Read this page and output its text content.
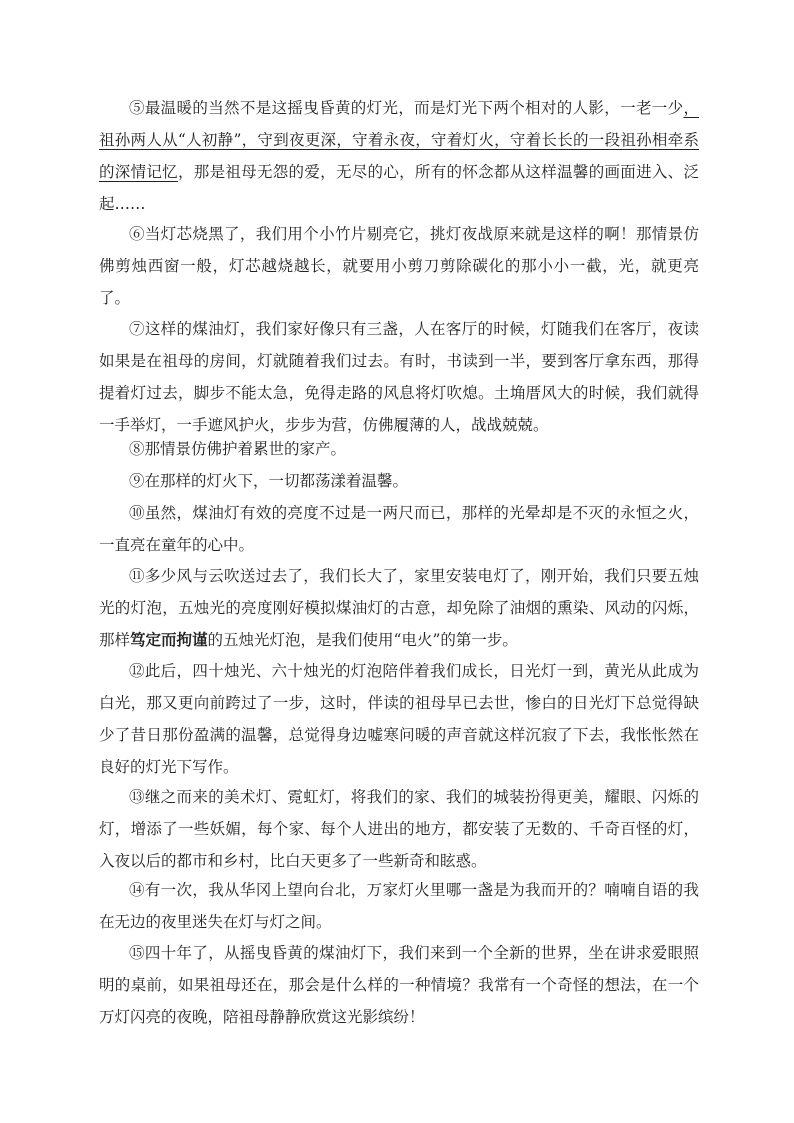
⑤最温暖的当然不是这摇曳昏黄的灯光，而是灯光下两个相对的人影，一老一少，祖孙两人从“人初静”，守到夜更深，守着永夜，守着灯火，守着长长的一段祖孙相牵系的深情记忆，那是祖母无怨的爱，无尽的心，所有的怀念都从这样温馨的画面进入、泛起……

⑥当灯芯烧黑了，我们用个小竹片剔亮它，挑灯夜战原来就是这样的啊！那情景仿佛剪烛西窗一般，灯芯越烧越长，就要用小剪刀剪除碳化的那小小一截，光，就更亮了。

⑦这样的煤油灯，我们家好像只有三盏，人在客厅的时候，灯随我们在客厅，夜读如果是在祖母的房间，灯就随着我们过去。有时，书读到一半，要到客厅拿东西，那得提着灯过去，脚步不能太急，免得走路的风息将灯吹熄。土埆厝风大的时候，我们就得一手举灯，一手遮风护火，步步为营，仿佛履薄的人，战战兢兢。

⑧那情景仿佛护着累世的家产。

⑨在那样的灯火下，一切都荡漾着温馨。

⑩虽然，煤油灯有效的亮度不过是一两尺而已，那样的光晕却是不灭的永恒之火，一直亮在童年的心中。

⑪多少风与云吹送过去了，我们长大了，家里安装电灯了，刚开始，我们只要五烛光的灯泡，五烛光的亮度刚好模拟煤油灯的古意，却免除了油烟的熏染、风动的闪烁，那样笃定而拘谨的五烛光灯泡，是我们使用“电火”的第一步。

⑫此后，四十烛光、六十烛光的灯泡陪伴着我们成长，日光灯一到，黄光从此成为白光，那又更向前跨过了一步，这时，伴读的祖母早已去世，惨白的日光灯下总觉得缺少了昔日那份盈满的温馨，总觉得身边嘘寒问暖的声音就这样沉寂了下去，我怅怅然在良好的灯光下写作。

⑬继之而来的美术灯、霓虹灯，将我们的家、我们的城装扮得更美，耀眼、闪烁的灯，增添了一些妖媚，每个家、每个人进出的地方，都安装了无数的、千奇百怪的灯，入夜以后的都市和乡村，比白天更多了一些新奇和眩惑。

⑭有一次，我从华冈上望向台北，万家灯火里哪一盏是为我而开的？喃喃自语的我在无边的夜里迷失在灯与灯之间。

⑮四十年了，从摇曳昏黄的煤油灯下，我们来到一个全新的世界，坐在讲求爱眼照明的桌前，如果祖母还在，那会是什么样的一种情境？我常有一个奇怪的想法，在一个万灯闪亮的夜晚，陪祖母静静欣赏这光影缤纷！
